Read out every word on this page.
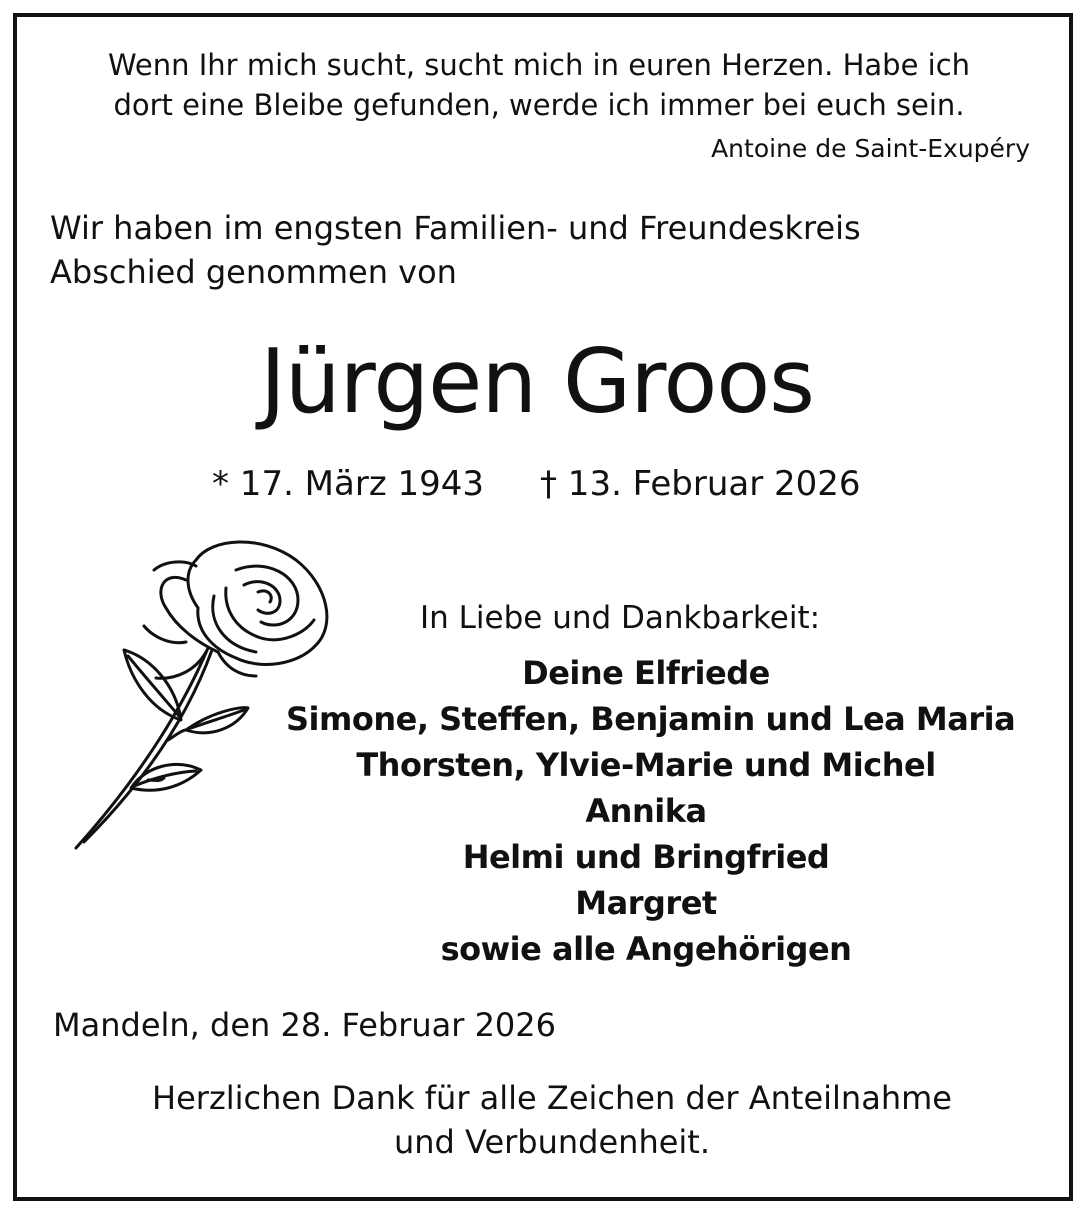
Wenn Ihr mich sucht, sucht mich in euren Herzen. Habe ich
dort eine Bleibe gefunden, werde ich immer bei euch sein.
Antoine de Saint-Exupéry
Wir haben im engsten Familien- und Freundeskreis
Abschied genommen von
Jürgen Groos
* 17. März 1943 † 13. Februar 2026
In Liebe und Dankbarkeit:
Deine Elfriede
Simone, Steffen, Benjamin und Lea Maria
Thorsten, Ylvie-Marie und Michel
Annika
Helmi und Bringfried
Margret
sowie alle Angehörigen
Mandeln, den 28. Februar 2026
Herzlichen Dank für alle Zeichen der Anteilnahme
und Verbundenheit.
